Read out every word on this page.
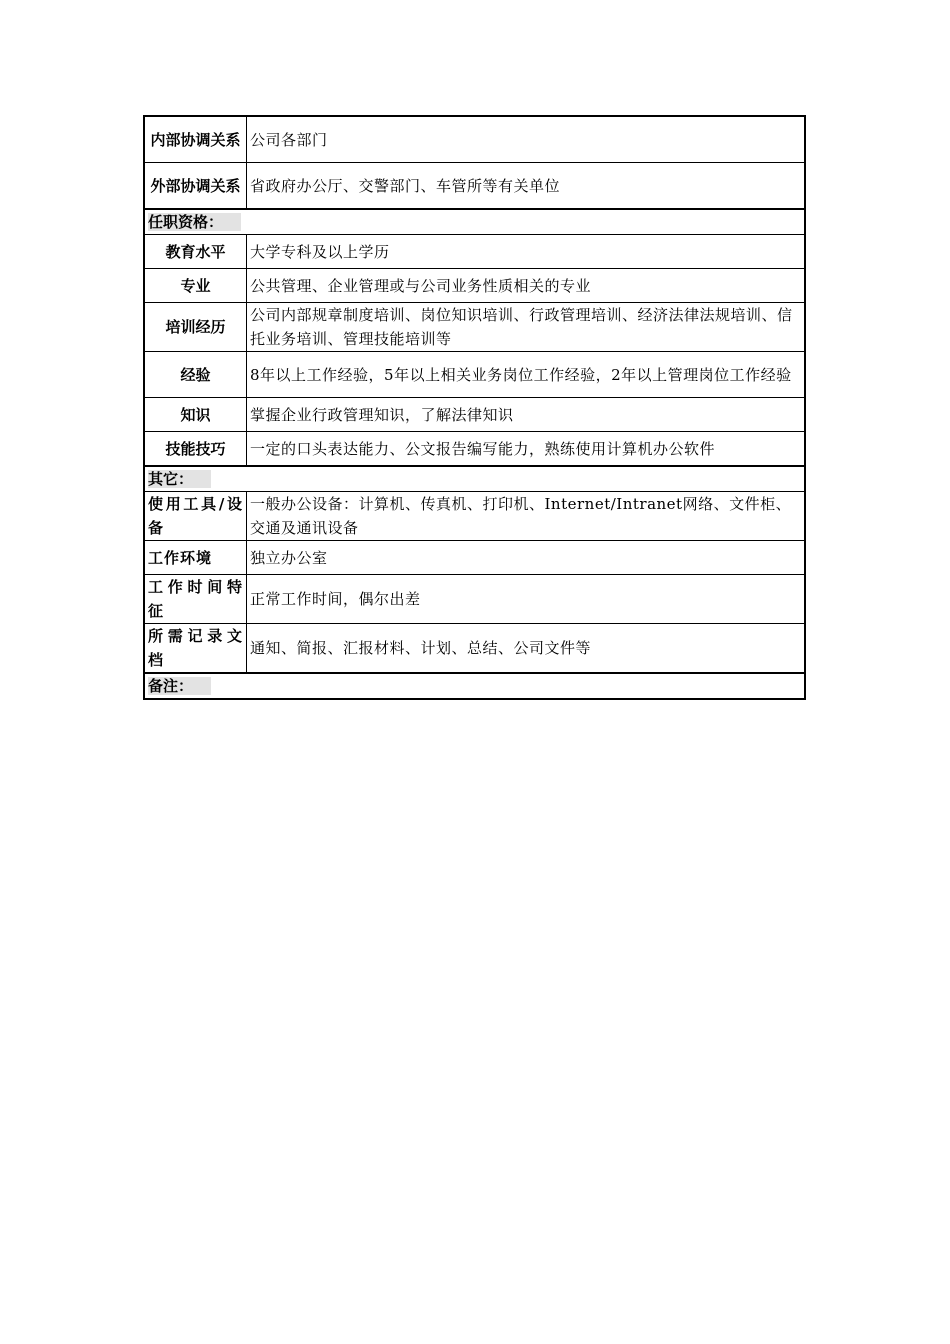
内部协调关系	公司各部门
外部协调关系	省政府办公厅、交警部门、车管所等有关单位
任职资格：	
教育水平	大学专科及以上学历
专业	公共管理、企业管理或与公司业务性质相关的专业
培训经历	公司内部规章制度培训、岗位知识培训、行政管理培训、经济法律法规培训、信托业务培训、管理技能培训等
经验	8年以上工作经验，5年以上相关业务岗位工作经验，2年以上管理岗位工作经验
知识	掌握企业行政管理知识，了解法律知识
技能技巧	一定的口头表达能力、公文报告编写能力，熟练使用计算机办公软件
其它：	
使用工具/设备	一般办公设备：计算机、传真机、打印机、Internet/Intranet网络、文件柜、交通及通讯设备
工作环境	独立办公室
工作时间特征	正常工作时间，偶尔出差
所需记录文档	通知、简报、汇报材料、计划、总结、公司文件等
备注：	
